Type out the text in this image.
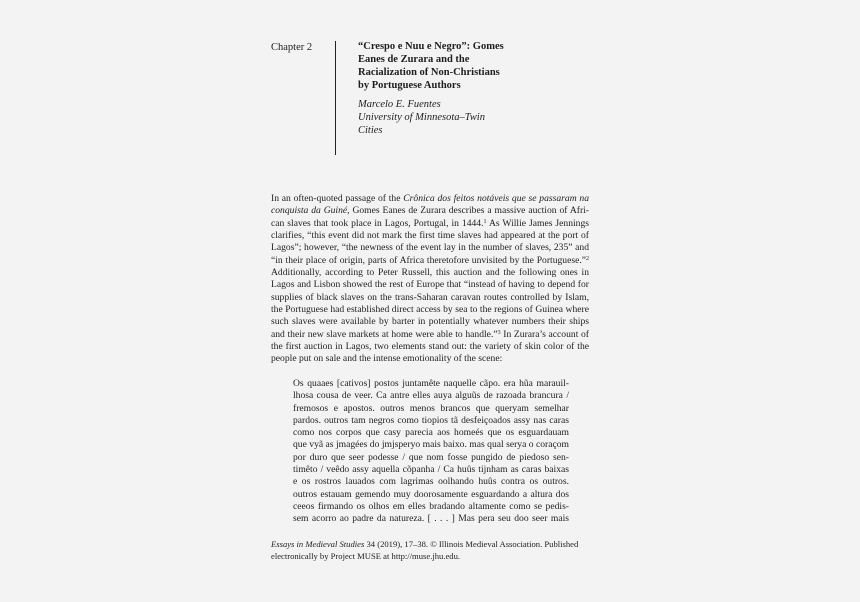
Chapter 2	“Crespo e Nuu e Negro”: Gomes
Eanes de Zurara and the
Racialization of Non-Christians
by Portuguese Authors
Marcelo E. Fuentes
University of Minnesota–Twin
Cities
In an often-quoted passage of the Crônica dos feitos notáveis que se passaram na
conquista da Guiné, Gomes Eanes de Zurara describes a massive auction of Afri-
can slaves that took place in Lagos, Portugal, in 1444.$^1$ As Willie James Jennings
clarifies, “this event did not mark the first time slaves had appeared at the port of
Lagos”; however, “the newness of the event lay in the number of slaves, 235” and
“in their place of origin, parts of Africa theretofore unvisited by the Portuguese.”$^2$
Additionally, according to Peter Russell, this auction and the following ones in
Lagos and Lisbon showed the rest of Europe that “instead of having to depend for
supplies of black slaves on the trans-Saharan caravan routes controlled by Islam,
the Portuguese had established direct access by sea to the regions of Guinea where
such slaves were available by barter in potentially whatever numbers their ships
and their new slave markets at home were able to handle.”$^3$ In Zurara’s account of
the first auction in Lagos, two elements stand out: the variety of skin color of the
people put on sale and the intense emotionality of the scene:
Os quaaes [cativos] postos juntamête naquelle cãpo. era hũa marauil-
lhosa cousa de veer. Ca antre elles auya alguũs de razoada brancura /
fremosos e apostos. outros menos brancos que queryam semelhar
pardos. outros tam negros como tiopios tã desfeiçoados assy nas caras
como nos corpos que casy parecia aos homeés que os esguardauam
que vyã as jmagées do jmjsperyo mais baixo. mas qual serya o coraçom
por duro que seer podesse / que nom fosse pungido de piedoso sen-
timêto / veêdo assy aquella cõpanha / Ca huûs tijnham as caras baixas
e os rostros lauados com lagrimas oolhando huûs contra os outros.
outros estauam gemendo muy doorosamente esguardando a altura dos
ceeos firmando os olhos em elles bradando altamente como se pedis-
sem acorro ao padre da natureza. [ . . . ] Mas pera seu doo seer mais
Essays in Medieval Studies 34 (2019), 17–38. © Illinois Medieval Association. Published
electronically by Project MUSE at http://muse.jhu.edu.
